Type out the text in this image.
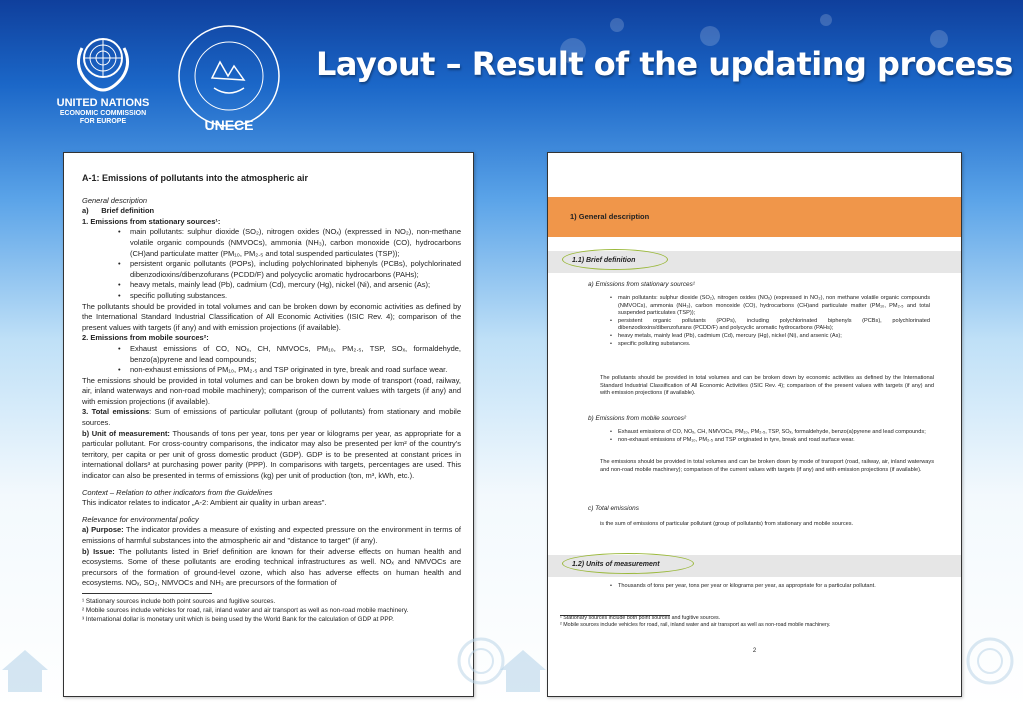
UNITED NATIONS
ECONOMIC COMMISSION
FOR EUROPE	UNECE
Layout – Result of the updating process
A-1: Emissions of pollutants into the atmospheric air
General description
a) Brief definition
1. Emissions from stationary sources¹:
• main pollutants: sulphur dioxide (SO₂), nitrogen oxides (NOₓ) (expressed in NO₂), non-methane volatile organic compounds (NMVOCs), ammonia (NH₃), carbon monoxide (CO), hydrocarbons (CH)and particulate matter (PM₁₀, PM₂.₅ and total suspended particulates (TSP));
• persistent organic pollutants (POPs), including polychlorinated biphenyls (PCBs), polychlorinated dibenzodioxins/dibenzofurans (PCDD/F) and polycyclic aromatic hydrocarbons (PAHs);
• heavy metals, mainly lead (Pb), cadmium (Cd), mercury (Hg), nickel (Ni), and arsenic (As);
• specific polluting substances.
The pollutants should be provided in total volumes and can be broken down by economic activities as defined by the International Standard Industrial Classification of All Economic Activities (ISIC Rev. 4); comparison of the present values with targets (if any) and with emission projections (if available).
2. Emissions from mobile sources²:
• Exhaust emissions of CO, NOₓ, CH, NMVOCs, PM₁₀, PM₂.₅, TSP, SOₓ, formaldehyde, benzo(a)pyrene and lead compounds;
• non-exhaust emissions of PM₁₀, PM₂.₅ and TSP originated in tyre, break and road surface wear.
The emissions should be provided in total volumes and can be broken down by mode of transport (road, railway, air, inland waterways and non-road mobile machinery); comparison of the current values with targets (if any) and with emission projections (if available).
3. Total emissions: Sum of emissions of particular pollutant (group of pollutants) from stationary and mobile sources.
b) Unit of measurement: Thousands of tons per year, tons per year or kilograms per year, as appropriate for a particular pollutant. For cross-country comparisons, the indicator may also be presented per km² of the country's territory, per capita or per unit of gross domestic product (GDP). GDP is to be presented at constant prices in international dollars³ at purchasing power parity (PPP). In comparisons with targets, percentages are used. This indicator can also be presented in terms of emissions (kg) per unit of production (ton, m³, kWh, etc.).
Context – Relation to other indicators from the Guidelines
This indicator relates to indicator „A-2: Ambient air quality in urban areas".
Relevance for environmental policy
a) Purpose: The indicator provides a measure of existing and expected pressure on the environment in terms of emissions of harmful substances into the atmospheric air and "distance to target" (if any).
b) Issue: The pollutants listed in Brief definition are known for their adverse effects on human health and ecosystems. Some of these pollutants are eroding technical infrastructures as well. NOₓ and NMVOCs are precursors of the formation of ground-level ozone, which also has adverse effects on human health and ecosystems. NOₓ, SO₂, NMVOCs and NH₃ are precursors of the formation of
¹ Stationary sources include both point sources and fugitive sources.
² Mobile sources include vehicles for road, rail, inland water and air transport as well as non-road mobile machinery.
³ International dollar is monetary unit which is being used by the World Bank for the calculation of GDP at PPP.
1) General description
1.1) Brief definition
a) Emissions from stationary sources¹
• main pollutants: sulphur dioxide (SO₂), nitrogen oxides (NOₓ) (expressed in NO₂), non methane volatile organic compounds (NMVOCs), ammonia (NH₃), carbon monoxide (CO), hydrocarbons (CH)and particulate matter (PM₁₀, PM₂.₅ and total suspended particulates (TSP));
• persistent organic pollutants (POPs), including polychlorinated biphenyls (PCBs), polychlorinated dibenzodioxins/dibenzofurans (PCDD/F) and polycyclic aromatic hydrocarbons (PAHs);
• heavy metals, mainly lead (Pb), cadmium (Cd), mercury (Hg), nickel (Ni), and arsenic (As);
• specific polluting substances.
The pollutants should be provided in total volumes and can be broken down by economic activities as defined by the International Standard Industrial Classification of All Economic Activities (ISIC Rev. 4); comparison of the present values with targets (if any) and with emission projections (if available).
b) Emissions from mobile sources²
• Exhaust emissions of CO, NOₓ, CH, NMVOCs, PM₁₀, PM₂.₅, TSP, SOₓ, formaldehyde, benzo(a)pyrene and lead compounds;
• non-exhaust emissions of PM₁₀, PM₂.₅ and TSP originated in tyre, break and road surface wear.
The emissions should be provided in total volumes and can be broken down by mode of transport (road, railway, air, inland waterways and non-road mobile machinery); comparison of the current values with targets (if any) and with emission projections (if available).
c) Total emissions
is the sum of emissions of particular pollutant (group of pollutants) from stationary and mobile sources.
1.2) Units of measurement
• Thousands of tons per year, tons per year or kilograms per year, as appropriate for a particular pollutant.
¹ Stationary sources include both point sources and fugitive sources.
² Mobile sources include vehicles for road, rail, inland water and air transport as well as non-road mobile machinery.
2
